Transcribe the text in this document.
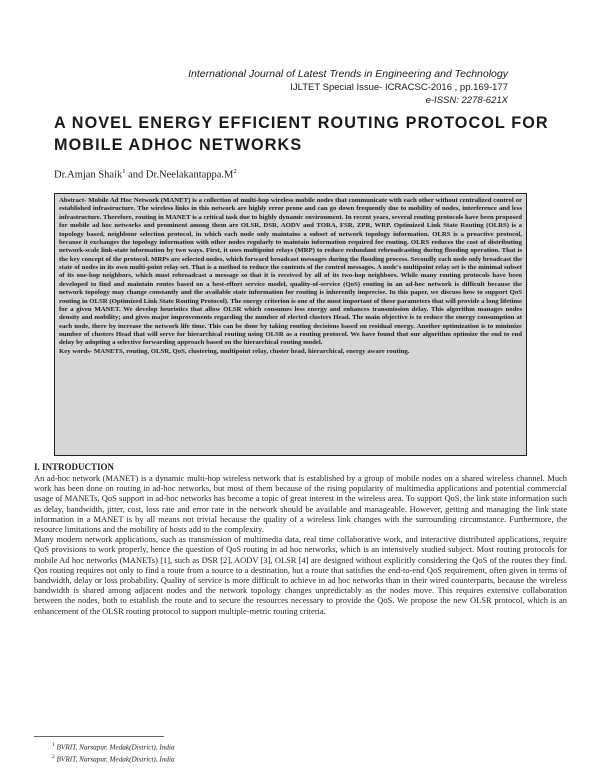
International Journal of Latest Trends in Engineering and Technology
IJLTET Special Issue- ICRACSC-2016 , pp.169-177
e-ISSN: 2278-621X
A NOVEL ENERGY EFFICIENT ROUTING PROTOCOL FOR MOBILE ADHOC NETWORKS
Dr.Amjan Shaik$^1$ and $Dr.Neelakantappa.M^2$

Abstract- Mobile Ad Hoc Network (MANET) is a collection of multi-hop wireless mobile nodes that communicate with each other without centralized control or established infrastructure. The wireless links in this network are highly error prone and can go down frequently due to mobility of nodes, interference and less infrastructure. Therefore, routing in MANET is a critical task due to highly dynamic environment. In recent years, several routing protocols have been proposed for mobile ad hoc networks and prominent among them are OLSR, DSR, AODV and TORA, FSR, ZPR, WRP. Optimized Link State Routing (OLRS) is a topology based, neighbour selection protocol, in which each node only maintains a subset of network topology information. OLRS is a proactive protocol, because it exchanges the topology information with other nodes regularly to maintain information required for routing. OLRS reduces the cost of distributing network-scale link-state information by two ways. First, it uses multipoint relays (MRP) to reduce redundant rebroadcasting during flooding operation. That is the key concept of the protocol. MRPs are selected nodes, which forward broadcast messages during the flooding process. Secondly each node only broadcast the state of nodes in its own multi-point relay set. That is a method to reduce the contents of the control messages. A node's multipoint relay set is the minimal subset of its one-hop neighbors, which must rebroadcast a message so that it is received by all of its two-hop neighbors. While many routing protocols have been developed to find and maintain routes based on a best-effort service model, quality-of-service (QoS) routing in an ad-hoc network is difficult because the network topology may change constantly and the available state information for routing is inherently imprecise. In this paper, we discuss how to support QoS routing in OLSR (Optimized Link State Routing Protocol). The energy criterion is one of the most important of these parameters that will provide a long lifetime for a given MANET. We develop heuristics that allow OLSR which consumes less energy and enhances transmission delay. This algorithm manages nodes density and mobility; and gives major improvements regarding the number of elected clusters Head. The main objective is to reduce the energy consumption at each node, there by increase the network life time. This can be done by taking routing decisions based on residual energy. Another optimization is to minimize number of clusters Head that will serve for hierarchical routing using OLSR as a routing protocol. We have found that our algorithm optimize the end to end delay by adopting a selective forwarding approach based on the hierarchical routing model.

Key words- MANETS, routing, OLSR, QoS, clustering, multipoint relay, cluster head, hierarchical, energy aware routing.

I. INTRODUCTION

An ad-hoc network (MANET) is a dynamic multi-hop wireless network that is established by a group of mobile nodes on a shared wireless channel. Much work has been done on routing in ad-hoc networks, but most of them because of the rising popularity of multimedia applications and potential commercial usage of MANETs, QoS support in ad-hoc networks has become a topic of great interest in the wireless area. To support QoS, the link state information such as delay, bandwidth, jitter, cost, loss rate and error rate in the network should be available and manageable. However, getting and managing the link state information in a MANET is by all means not trivial because the quality of a wireless link changes with the surrounding circumstance. Furthermore, the resource limitations and the mobility of hosts add to the complexity.

Many modern network applications, such as transmission of multimedia data, real time collaborative work, and interactive distributed applications, require QoS provisions to work properly, hence the question of QoS routing in ad hoc networks, which is an intensively studied subject. Most routing protocols for mobile Ad hoc networks (MANETs) [1], such as DSR [2], AODV [3], OLSR [4] are designed without explicitly considering the QoS of the routes they find. Qos routing requires not only to find a route from a source to a destination, but a route that satisfies the end-to-end QoS requirement, often given in terms of bandwidth, delay or loss probability. Quality of service is more difficult to achieve in ad hoc networks than in their wired counterparts, because the wireless bandwidth is shared among adjacent nodes and the network topology changes unpredictably as the nodes move. This requires extensive collaboration between the nodes, both to establish the route and to secure the resources necessary to provide the QoS. We propose the new OLSR protocol, which is an enhancement of the OLSR routing protocol to support multiple-metric routing criteria.

$^1$ BVRIT, Narsapur, Medak(District), India
$^2$ BVRIT, Narsapur, Medak(District), India
